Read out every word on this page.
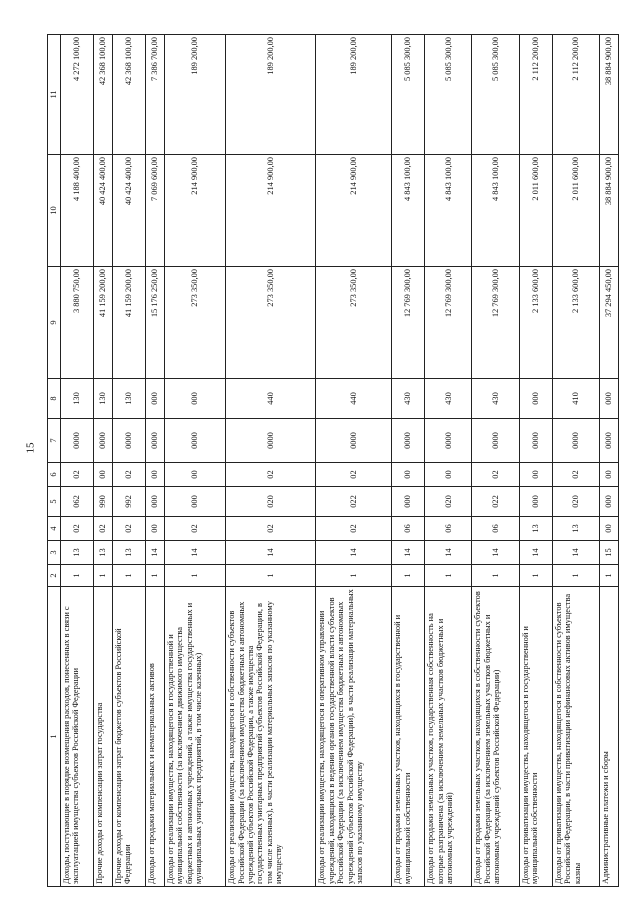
15
1	2	3	4	5	6	7	8	9	10	11
Доходы, поступающие в порядке возмещения расходов, понесенных в связи с эксплуатацией имущества субъектов Российской Федерации	1	13	02	062	02	0000	130	3 880 750,00	4 188 400,00	4 272 100,00
Прочие доходы от компенсации затрат государства	1	13	02	990	00	0000	130	41 159 200,00	40 424 400,00	42 368 100,00
Прочие доходы от компенсации затрат бюджетов субъектов Российской Федерации	1	13	02	992	02	0000	130	41 159 200,00	40 424 400,00	42 368 100,00
Доходы от продажи материальных и нематериальных активов	1	14	00	000	00	0000	000	15 176 250,00	7 069 600,00	7 386 700,00
Доходы от реализации имущества, находящегося в государственной и муниципальной собственности (за исключением движимого имущества бюджетных и автономных учреждений, а также имущества государственных и муниципальных унитарных предприятий, в том числе казенных)	1	14	02	000	00	0000	000	273 350,00	214 900,00	189 200,00
Доходы от реализации имущества, находящегося в собственности субъектов Российской Федерации (за исключением имущества бюджетных и автономных учреждений субъектов Российской Федерации, а также имущества государственных унитарных предприятий субъектов Российской Федерации, в том числе казенных), в части реализации материальных запасов по указанному имуществу	1	14	02	020	02	0000	440	273 350,00	214 900,00	189 200,00
Доходы от реализации имущества, находящегося в оперативном управлении учреждений, находящихся в ведении органов государственной власти субъектов Российской Федерации (за исключением имущества бюджетных и автономных учреждений субъектов Российской Федерации), в части реализации материальных запасов по указанному имуществу	1	14	02	022	02	0000	440	273 350,00	214 900,00	189 200,00
Доходы от продажи земельных участков, находящихся в государственной и муниципальной собственности	1	14	06	000	00	0000	430	12 769 300,00	4 843 100,00	5 085 300,00
Доходы от продажи земельных участков, государственная собственность на которые разграничена (за исключением земельных участков бюджетных и автономных учреждений)	1	14	06	020	00	0000	430	12 769 300,00	4 843 100,00	5 085 300,00
Доходы от продажи земельных участков, находящихся в собственности субъектов Российской Федерации (за исключением земельных участков бюджетных и автономных учреждений субъектов Российской Федерации)	1	14	06	022	02	0000	430	12 769 300,00	4 843 100,00	5 085 300,00
Доходы от приватизации имущества, находящегося в государственной и муниципальной собственности	1	14	13	000	00	0000	000	2 133 600,00	2 011 600,00	2 112 200,00
Доходы от приватизации имущества, находящегося в собственности субъектов Российской Федерации, в части приватизации нефинансовых активов имущества казны	1	14	13	020	02	0000	410	2 133 600,00	2 011 600,00	2 112 200,00
Административные платежи и сборы	1	15	00	000	00	0000	000	37 294 450,00	38 884 900,00	38 884 900,00
